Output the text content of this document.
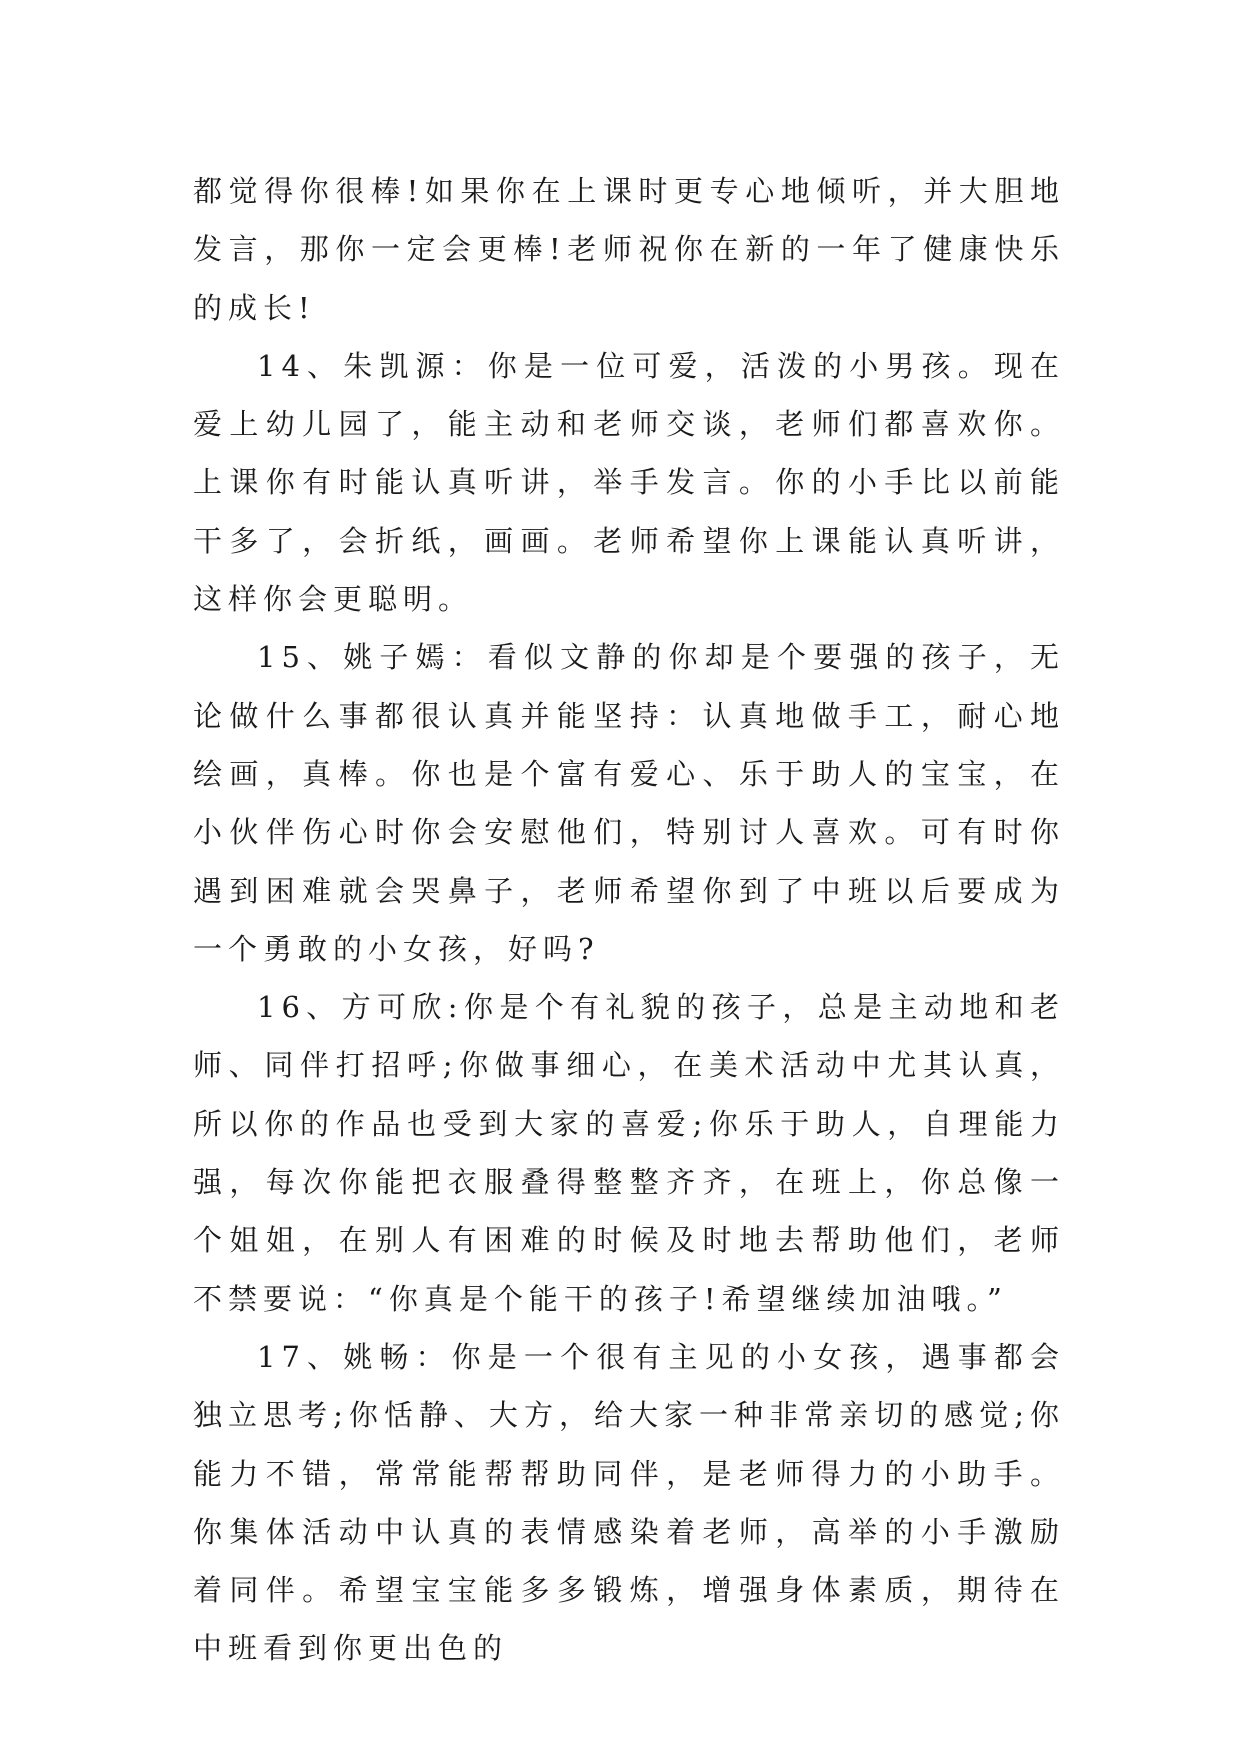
都觉得你很棒!如果你在上课时更专心地倾听，并大胆地发言，那你一定会更棒!老师祝你在新的一年了健康快乐的成长!

14、朱凯源：你是一位可爱，活泼的小男孩。现在爱上幼儿园了，能主动和老师交谈，老师们都喜欢你。上课你有时能认真听讲，举手发言。你的小手比以前能干多了，会折纸，画画。老师希望你上课能认真听讲，这样你会更聪明。

15、姚子嫣：看似文静的你却是个要强的孩子，无论做什么事都很认真并能坚持：认真地做手工，耐心地绘画，真棒。你也是个富有爱心、乐于助人的宝宝，在小伙伴伤心时你会安慰他们，特别讨人喜欢。可有时你遇到困难就会哭鼻子，老师希望你到了中班以后要成为一个勇敢的小女孩，好吗?

16、方可欣:你是个有礼貌的孩子，总是主动地和老师、同伴打招呼;你做事细心，在美术活动中尤其认真，所以你的作品也受到大家的喜爱;你乐于助人，自理能力强，每次你能把衣服叠得整整齐齐，在班上，你总像一个姐姐，在别人有困难的时候及时地去帮助他们，老师不禁要说：“你真是个能干的孩子!希望继续加油哦。”

17、姚畅：你是一个很有主见的小女孩，遇事都会独立思考;你恬静、大方，给大家一种非常亲切的感觉;你能力不错，常常能帮帮助同伴，是老师得力的小助手。你集体活动中认真的表情感染着老师，高举的小手激励着同伴。希望宝宝能多多锻炼，增强身体素质，期待在中班看到你更出色的
